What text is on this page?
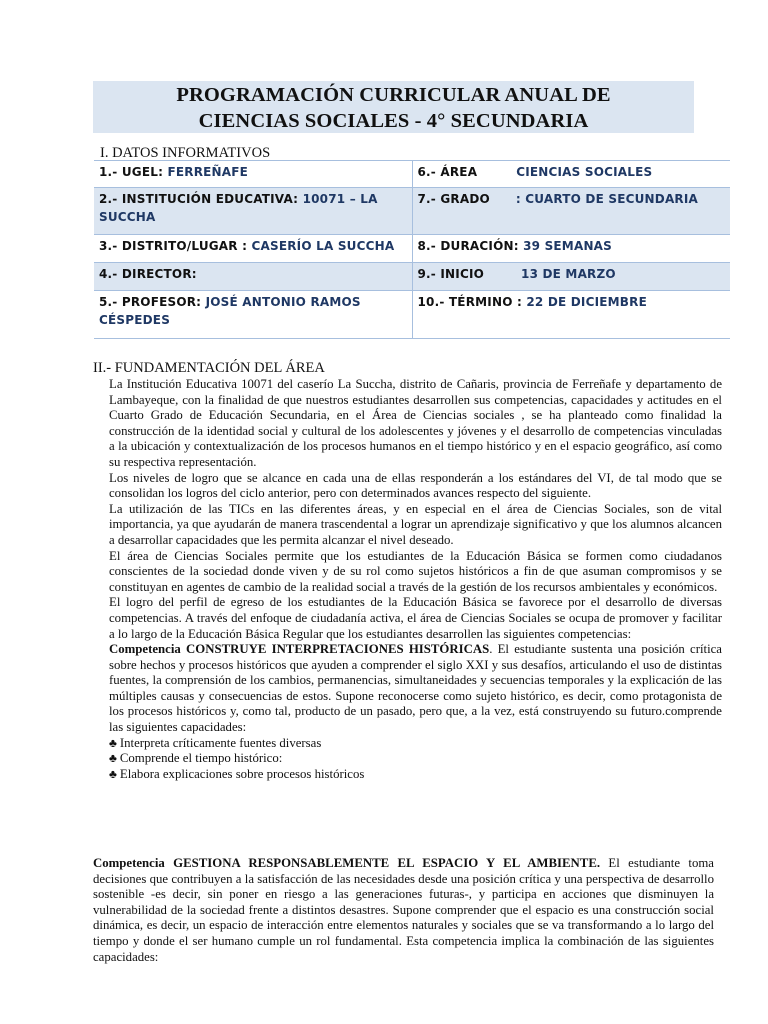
PROGRAMACIÓN CURRICULAR ANUAL DE
CIENCIAS SOCIALES - 4° SECUNDARIA
I. DATOS INFORMATIVOS
1.- UGEL: FERREÑAFE	6.- ÁREA CIENCIAS SOCIALES
2.- INSTITUCIÓN EDUCATIVA: 10071 – LA SUCCHA	7.- GRADO : CUARTO DE SECUNDARIA
3.- DISTRITO/LUGAR : CASERÍO LA SUCCHA	8.- DURACIÓN: 39 SEMANAS
4.- DIRECTOR:	9.- INICIO 13 DE MARZO
5.- PROFESOR: JOSÉ ANTONIO RAMOS CÉSPEDES	10.- TÉRMINO : 22 DE DICIEMBRE
II.- FUNDAMENTACIÓN DEL ÁREA

La Institución Educativa 10071 del caserío La Succha, distrito de Cañaris, provincia de Ferreñafe y departamento de Lambayeque, con la finalidad de que nuestros estudiantes desarrollen sus competencias, capacidades y actitudes en el Cuarto Grado de Educación Secundaria, en el Área de Ciencias sociales , se ha planteado como finalidad la construcción de la identidad social y cultural de los adolescentes y jóvenes y el desarrollo de competencias vinculadas a la ubicación y contextualización de los procesos humanos en el tiempo histórico y en el espacio geográfico, así como su respectiva representación.

Los niveles de logro que se alcance en cada una de ellas responderán a los estándares del VI, de tal modo que se consolidan los logros del ciclo anterior, pero con determinados avances respecto del siguiente.

La utilización de las TICs en las diferentes áreas, y en especial en el área de Ciencias Sociales, son de vital importancia, ya que ayudarán de manera trascendental a lograr un aprendizaje significativo y que los alumnos alcancen a desarrollar capacidades que les permita alcanzar el nivel deseado.

El área de Ciencias Sociales permite que los estudiantes de la Educación Básica se formen como ciudadanos conscientes de la sociedad donde viven y de su rol como sujetos históricos a fin de que asuman compromisos y se constituyan en agentes de cambio de la realidad social a través de la gestión de los recursos ambientales y económicos.

El logro del perfil de egreso de los estudiantes de la Educación Básica se favorece por el desarrollo de diversas competencias. A través del enfoque de ciudadanía activa, el área de Ciencias Sociales se ocupa de promover y facilitar a lo largo de la Educación Básica Regular que los estudiantes desarrollen las siguientes competencias:

Competencia CONSTRUYE INTERPRETACIONES HISTÓRICAS. El estudiante sustenta una posición crítica sobre hechos y procesos históricos que ayuden a comprender el siglo XXI y sus desafíos, articulando el uso de distintas fuentes, la comprensión de los cambios, permanencias, simultaneidades y secuencias temporales y la explicación de las múltiples causas y consecuencias de estos. Supone reconocerse como sujeto histórico, es decir, como protagonista de los procesos históricos y, como tal, producto de un pasado, pero que, a la vez, está construyendo su futuro.comprende las siguientes capacidades:

♣ Interpreta críticamente fuentes diversas
♣ Comprende el tiempo histórico:
♣ Elabora explicaciones sobre procesos históricos

Competencia GESTIONA RESPONSABLEMENTE EL ESPACIO Y EL AMBIENTE. El estudiante toma decisiones que contribuyen a la satisfacción de las necesidades desde una posición crítica y una perspectiva de desarrollo sostenible -es decir, sin poner en riesgo a las generaciones futuras-, y participa en acciones que disminuyen la vulnerabilidad de la sociedad frente a distintos desastres. Supone comprender que el espacio es una construcción social dinámica, es decir, un espacio de interacción entre elementos naturales y sociales que se va transformando a lo largo del tiempo y donde el ser humano cumple un rol fundamental. Esta competencia implica la combinación de las siguientes capacidades:
